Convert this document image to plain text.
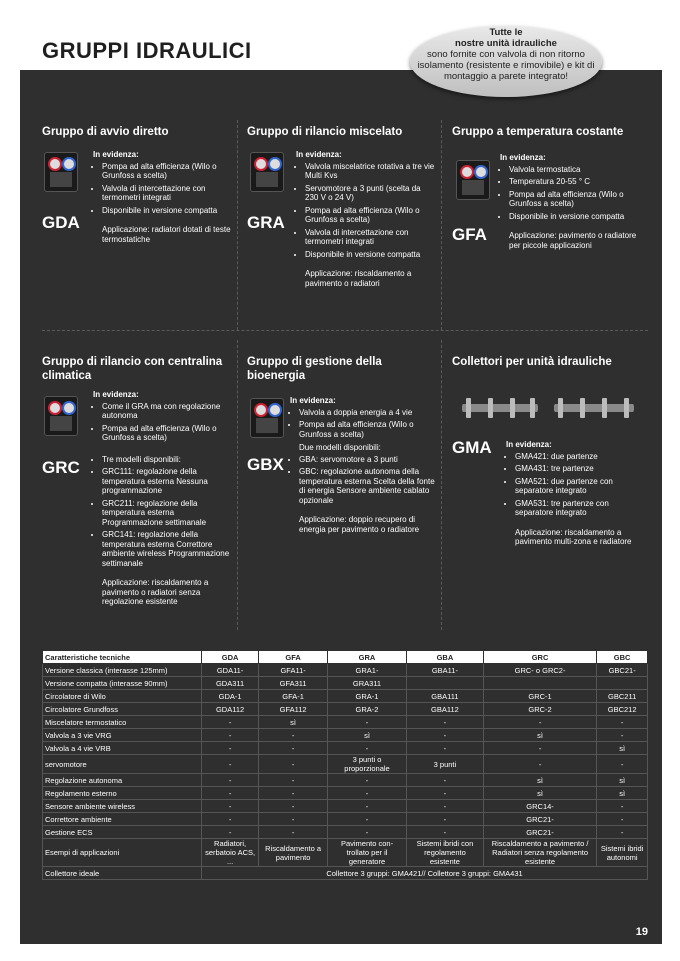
GRUPPI IDRAULICI
Tutte le
nostre unità idrauliche
sono fornite con valvola di non ritorno isolamento (resistente e rimovibile) e kit di montaggio a parete integrato!
Gruppo di avvio diretto
GDA
In evidenza:
• Pompa ad alta efficienza (Wilo o Grunfoss a scelta)
• Valvola di intercettazione con termometri integrati
• Disponibile in versione compatta
Applicazione: radiatori dotati di teste termostatiche
Gruppo di rilancio miscelato
GRA
In evidenza:
• Valvola miscelatrice rotativa a tre vie Multi Kvs
• Servomotore a 3 punti (scelta da 230 V o 24 V)
• Pompa ad alta efficienza (Wilo o Grunfoss a scelta)
• Valvola di intercettazione con termometri integrati
• Disponibile in versione compatta
Applicazione: riscaldamento a pavimento o radiatori
Gruppo a temperatura costante
GFA
In evidenza:
• Valvola termostatica
• Temperatura 20-55 ° C
• Pompa ad alta efficienza (Wilo o Grunfoss a scelta)
• Disponibile in versione compatta
Applicazione: pavimento o radiatore per piccole applicazioni
Gruppo di rilancio con centralina climatica
GRC
In evidenza:
• Come il GRA ma con regolazione autonoma
• Pompa ad alta efficienza (Wilo o Grunfoss a scelta)
• Tre modelli disponibili:
• GRC111: regolazione della temperatura esterna Nessuna programmazione
• GRC211: regolazione della temperatura esterna Programmazione settimanale
• GRC141: regolazione della temperatura esterna Correttore ambiente wireless Programmazione settimanale
Applicazione: riscaldamento a pavimento o radiatori senza regolazione esistente
Gruppo di gestione della bioenergia
GBX
In evidenza:
• Valvola a doppia energia a 4 vie
• Pompa ad alta efficienza (Wilo o Grunfoss a scelta)
Due modelli disponibili:
• GBA: servomotore a 3 punti
• GBC: regolazione autonoma della temperatura esterna Scelta della fonte di energia Sensore ambiente cablato opzionale
Applicazione: doppio recupero di energia per pavimento o radiatore
Collettori per unità idrauliche
GMA In evidenza:
• GMA421: due partenze
• GMA431: tre partenze
• GMA521: due partenze con separatore integrato
• GMA531: tre partenze con separatore integrato
Applicazione: riscaldamento a pavimento multi-zona e radiatore
Caratteristiche tecniche	GDA	GFA	GRA	GBA	GRC	GBC
Versione classica (interasse 125mm)	GDA11-	GFA11-	GRA1-	GBA11-	GRC- o GRC2-	GBC21-
Versione compatta (interasse 90mm)	GDA311	GFA311	GRA311			
Circolatore di Wilo	GDA-1	GFA-1	GRA-1	GBA111	GRC-1	GBC211
Circolatore Grundfoss	GDA112	GFA112	GRA-2	GBA112	GRC-2	GBC212
Miscelatore termostatico	-	sì	-	-	-	-
Valvola a 3 vie VRG	-	-	sì	-	sì	-
Valvola a 4 vie VRB	-	-	-	-	-	sì
servomotore	-	-	3 punti o proporzionale	3 punti	-	-
Regolazione autonoma	-	-	-	-	sì	sì
Regolamento esterno	-	-	-	-	sì	sì
Sensore ambiente wireless	-	-	-	-	GRC14-	-
Correttore ambiente	-	-	-	-	GRC21-	-
Gestione ECS	-	-	-	-	GRC21-	-
Esempi di applicazioni	Radiatori, serbatoio ACS, ...	Riscaldamento a pavimento	Pavimento con-trollato per il generatore	Sistemi ibridi con regolamento esistente	Riscaldamento a pavimento / Radiatori senza regolamento esistente	Sistemi ibridi autonomi
Collettore ideale	Collettore 3 gruppi: GMA421// Collettore 3 gruppi: GMA431					
19
